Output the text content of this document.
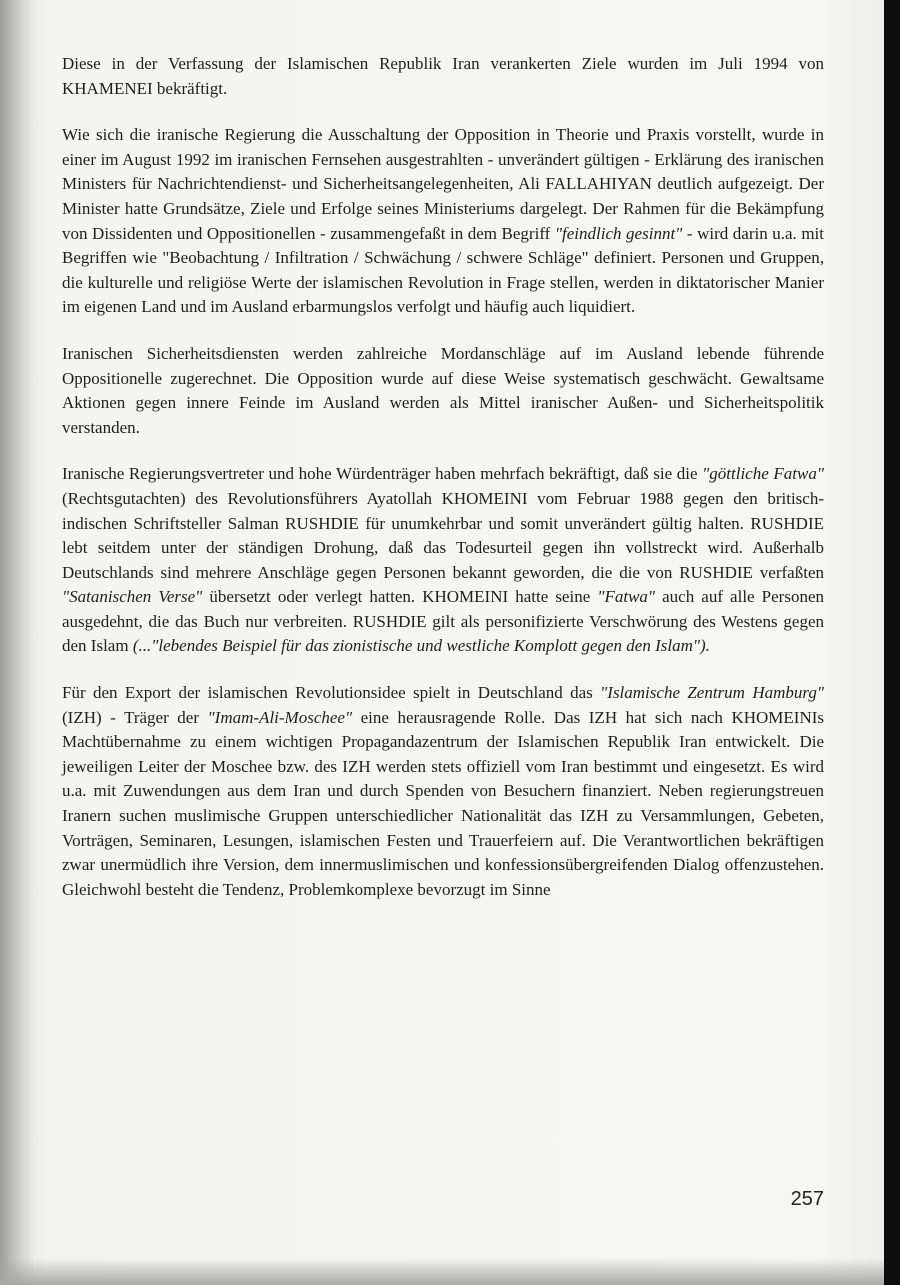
Diese in der Verfassung der Islamischen Republik Iran verankerten Ziele wurden im Juli 1994 von KHAMENEI bekräftigt.

Wie sich die iranische Regierung die Ausschaltung der Opposition in Theorie und Praxis vorstellt, wurde in einer im August 1992 im iranischen Fernsehen ausgestrahlten - unverändert gültigen - Erklärung des iranischen Ministers für Nachrichtendienst- und Sicherheitsangelegenheiten, Ali FALLAHIYAN deutlich aufgezeigt. Der Minister hatte Grundsätze, Ziele und Erfolge seines Ministeriums dargelegt. Der Rahmen für die Bekämpfung von Dissidenten und Oppositionellen - zusammengefaßt in dem Begriff "feindlich gesinnt" - wird darin u.a. mit Begriffen wie "Beobachtung / Infiltration / Schwächung / schwere Schläge" definiert. Personen und Gruppen, die kulturelle und religiöse Werte der islamischen Revolution in Frage stellen, werden in diktatorischer Manier im eigenen Land und im Ausland erbarmungslos verfolgt und häufig auch liquidiert.

Iranischen Sicherheitsdiensten werden zahlreiche Mordanschläge auf im Ausland lebende führende Oppositionelle zugerechnet. Die Opposition wurde auf diese Weise systematisch geschwächt. Gewaltsame Aktionen gegen innere Feinde im Ausland werden als Mittel iranischer Außen- und Sicherheitspolitik verstanden.

Iranische Regierungsvertreter und hohe Würdenträger haben mehrfach bekräftigt, daß sie die "göttliche Fatwa" (Rechtsgutachten) des Revolutionsführers Ayatollah KHOMEINI vom Februar 1988 gegen den britisch-indischen Schriftsteller Salman RUSHDIE für unumkehrbar und somit unverändert gültig halten. RUSHDIE lebt seitdem unter der ständigen Drohung, daß das Todesurteil gegen ihn vollstreckt wird. Außerhalb Deutschlands sind mehrere Anschläge gegen Personen bekannt geworden, die die von RUSHDIE verfaßten "Satanischen Verse" übersetzt oder verlegt hatten. KHOMEINI hatte seine "Fatwa" auch auf alle Personen ausgedehnt, die das Buch nur verbreiten. RUSHDIE gilt als personifizierte Verschwörung des Westens gegen den Islam (..."lebendes Beispiel für das zionistische und westliche Komplott gegen den Islam").

Für den Export der islamischen Revolutionsidee spielt in Deutschland das "Islamische Zentrum Hamburg" (IZH) - Träger der "Imam-Ali-Moschee" eine herausragende Rolle. Das IZH hat sich nach KHOMEINIs Machtübernahme zu einem wichtigen Propagandazentrum der Islamischen Republik Iran entwickelt. Die jeweiligen Leiter der Moschee bzw. des IZH werden stets offiziell vom Iran bestimmt und eingesetzt. Es wird u.a. mit Zuwendungen aus dem Iran und durch Spenden von Besuchern finanziert. Neben regierungstreuen Iranern suchen muslimische Gruppen unterschiedlicher Nationalität das IZH zu Versammlungen, Gebeten, Vorträgen, Seminaren, Lesungen, islamischen Festen und Trauerfeiern auf. Die Verantwortlichen bekräftigen zwar unermüdlich ihre Version, dem innermuslimischen und konfessionsübergreifenden Dialog offenzustehen. Gleichwohl besteht die Tendenz, Problemkomplexe bevorzugt im Sinne

257
